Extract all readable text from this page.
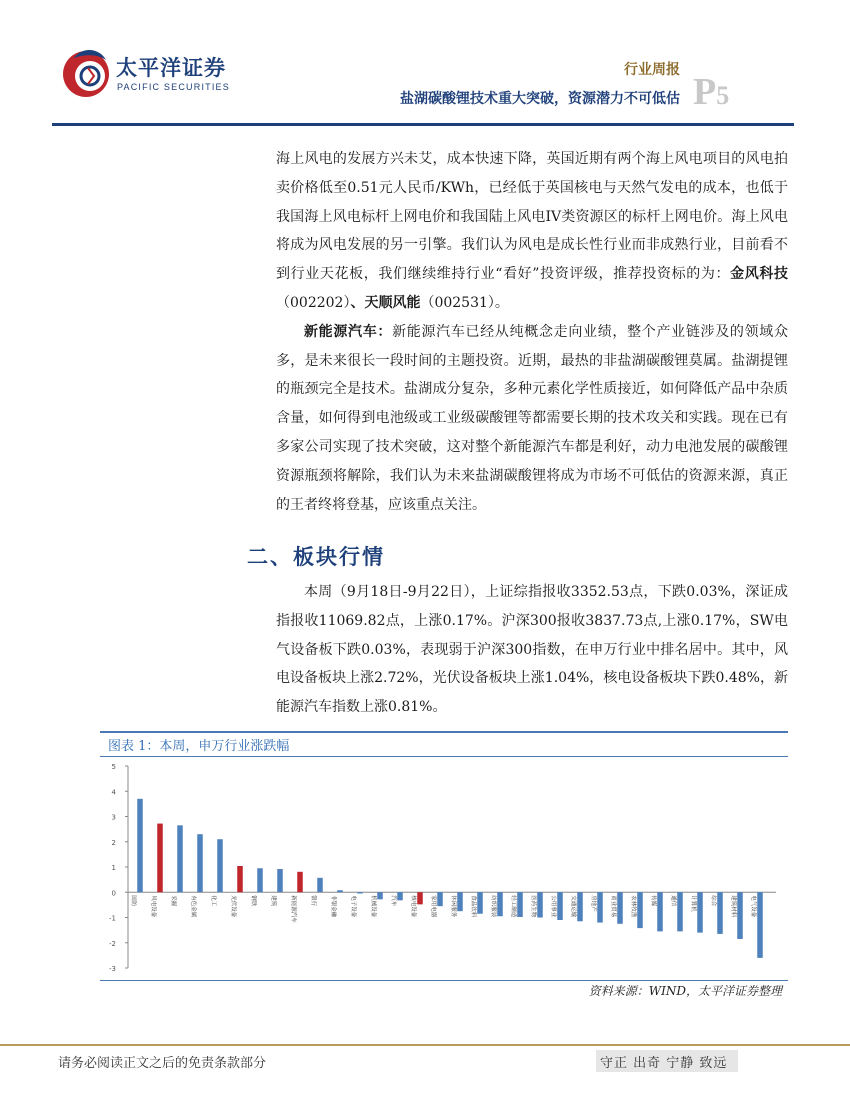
太平洋证券
PACIFIC SECURITIES
行业周报
盐湖碳酸锂技术重大突破，资源潜力不可低估 P5

海上风电的发展方兴未艾，成本快速下降，英国近期有两个海上风电项目的风电拍卖价格低至0.51元人民币/KWh，已经低于英国核电与天然气发电的成本，也低于我国海上风电标杆上网电价和我国陆上风电IV类资源区的标杆上网电价。海上风电将成为风电发展的另一引擎。我们认为风电是成长性行业而非成熟行业，目前看不到行业天花板，我们继续维持行业“看好”投资评级，推荐投资标的为：金风科技（002202）、天顺风能（002531）。

新能源汽车：新能源汽车已经从纯概念走向业绩，整个产业链涉及的领域众多，是未来很长一段时间的主题投资。近期，最热的非盐湖碳酸锂莫属。盐湖提锂的瓶颈完全是技术。盐湖成分复杂，多种元素化学性质接近，如何降低产品中杂质含量，如何得到电池级或工业级碳酸锂等都需要长期的技术攻关和实践。现在已有多家公司实现了技术突破，这对整个新能源汽车都是利好，动力电池发展的碳酸锂资源瓶颈将解除，我们认为未来盐湖碳酸锂将成为市场不可低估的资源来源，真正的王者终将登基，应该重点关注。

二、板块行情

本周（9月18日-9月22日），上证综指报收3352.53点，下跌0.03%，深证成指报收11069.82点，上涨0.17%。沪深300报收3837.73点,上涨0.17%，SW电气设备板下跌0.03%，表现弱于沪深300指数，在申万行业中排名居中。其中，风电设备板块上涨2.72%，光伏设备板块上涨1.04%，核电设备板块下跌0.48%，新能源汽车指数上涨0.81%。

图表 1：本周，申万行业涨跌幅
5
4
3
2
1
0
-1
-2
-3
国防	风电设备	采掘	有色金属	化工	光伏设备	钢铁	建筑	新能源汽车	银行	非银金融	电子设备	机械设备	汽车	核电设备	家用电器	休闲服务	食品饮料	纺织服装	轻工制造	医药生物	公用事业	交通运输	房地产	商业贸易	农林牧渔	传媒	通信	计算机	综合	建筑材料	电气设备
资料来源：WIND，太平洋证券整理
请务必阅读正文之后的免责条款部分	守正 出奇 宁静 致远
